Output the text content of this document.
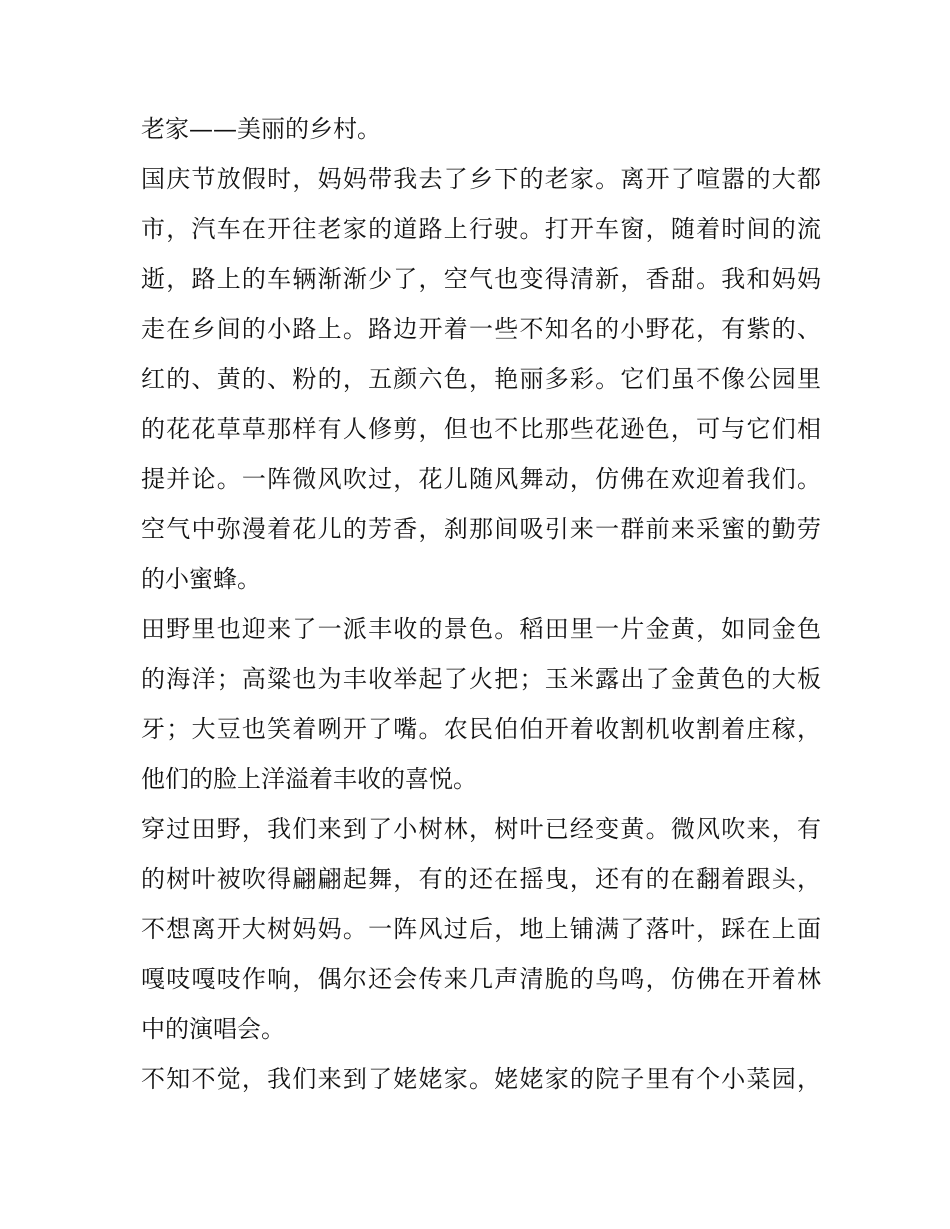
老家——美丽的乡村。
国庆节放假时，妈妈带我去了乡下的老家。离开了喧嚣的大都
市，汽车在开往老家的道路上行驶。打开车窗，随着时间的流
逝，路上的车辆渐渐少了，空气也变得清新，香甜。我和妈妈
走在乡间的小路上。路边开着一些不知名的小野花，有紫的、
红的、黄的、粉的，五颜六色，艳丽多彩。它们虽不像公园里
的花花草草那样有人修剪，但也不比那些花逊色，可与它们相
提并论。一阵微风吹过，花儿随风舞动，仿佛在欢迎着我们。
空气中弥漫着花儿的芳香，刹那间吸引来一群前来采蜜的勤劳
的小蜜蜂。
田野里也迎来了一派丰收的景色。稻田里一片金黄，如同金色
的海洋；高粱也为丰收举起了火把；玉米露出了金黄色的大板
牙；大豆也笑着咧开了嘴。农民伯伯开着收割机收割着庄稼，
他们的脸上洋溢着丰收的喜悦。
穿过田野，我们来到了小树林，树叶已经变黄。微风吹来，有
的树叶被吹得翩翩起舞，有的还在摇曳，还有的在翻着跟头，
不想离开大树妈妈。一阵风过后，地上铺满了落叶，踩在上面
嘎吱嘎吱作响，偶尔还会传来几声清脆的鸟鸣，仿佛在开着林
中的演唱会。
不知不觉，我们来到了姥姥家。姥姥家的院子里有个小菜园，
